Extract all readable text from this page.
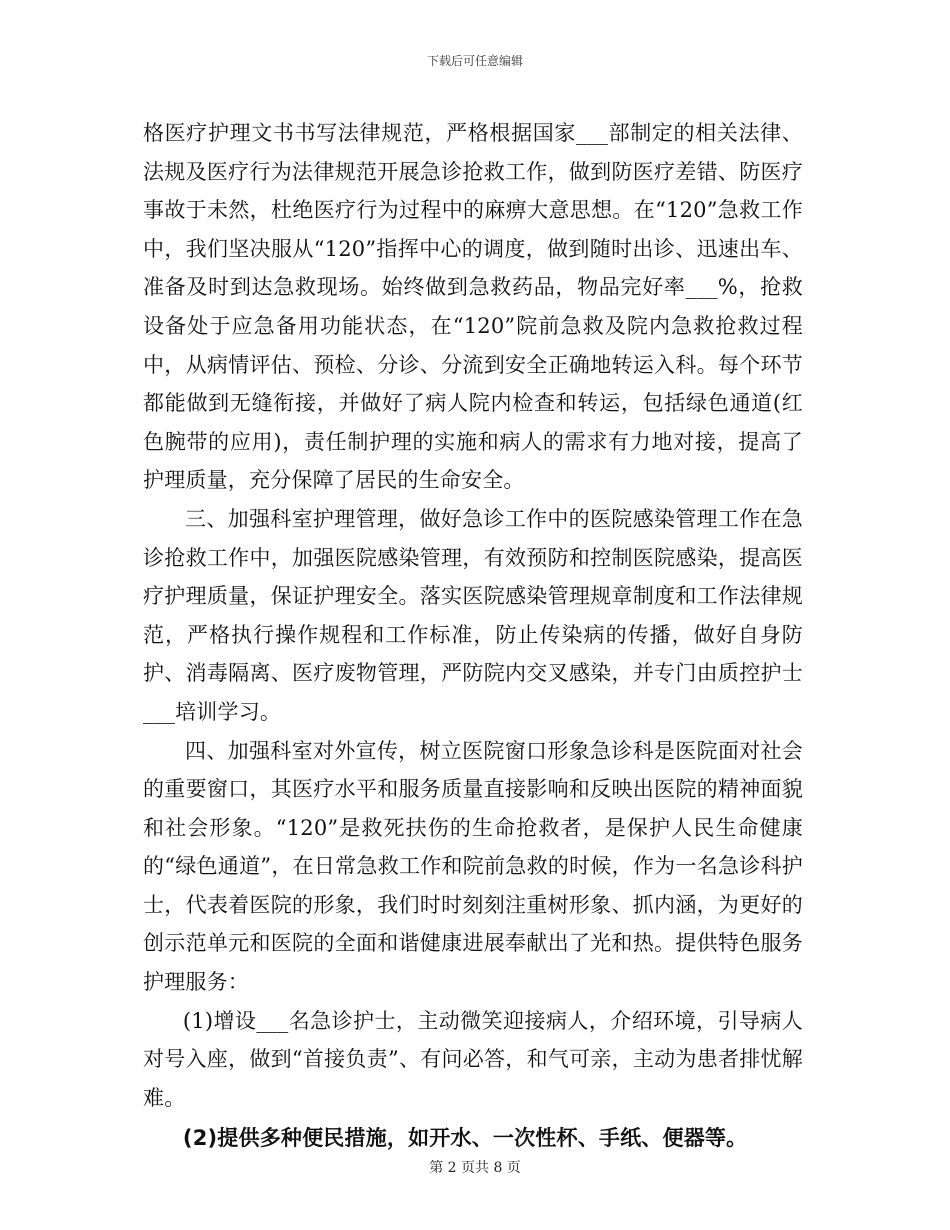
下载后可任意编辑

格医疗护理文书书写法律规范，严格根据国家___部制定的相关法律、法规及医疗行为法律规范开展急诊抢救工作，做到防医疗差错、防医疗事故于未然，杜绝医疗行为过程中的麻痹大意思想。在“120”急救工作中，我们坚决服从“120”指挥中心的调度，做到随时出诊、迅速出车、准备及时到达急救现场。始终做到急救药品，物品完好率___%，抢救设备处于应急备用功能状态，在“120”院前急救及院内急救抢救过程中，从病情评估、预检、分诊、分流到安全正确地转运入科。每个环节都能做到无缝衔接，并做好了病人院内检查和转运，包括绿色通道(红色腕带的应用)，责任制护理的实施和病人的需求有力地对接，提高了护理质量，充分保障了居民的生命安全。

三、加强科室护理管理，做好急诊工作中的医院感染管理工作在急诊抢救工作中，加强医院感染管理，有效预防和控制医院感染，提高医疗护理质量，保证护理安全。落实医院感染管理规章制度和工作法律规范，严格执行操作规程和工作标准，防止传染病的传播，做好自身防护、消毒隔离、医疗废物管理，严防院内交叉感染，并专门由质控护士___培训学习。

四、加强科室对外宣传，树立医院窗口形象急诊科是医院面对社会的重要窗口，其医疗水平和服务质量直接影响和反映出医院的精神面貌和社会形象。“120”是救死扶伤的生命抢救者，是保护人民生命健康的“绿色通道”，在日常急救工作和院前急救的时候，作为一名急诊科护士，代表着医院的形象，我们时时刻刻注重树形象、抓内涵，为更好的创示范单元和医院的全面和谐健康进展奉献出了光和热。提供特色服务护理服务：

(1)增设___名急诊护士，主动微笑迎接病人，介绍环境，引导病人对号入座，做到“首接负责”、有问必答，和气可亲，主动为患者排忧解难。

(2)提供多种便民措施，如开水、一次性杯、手纸、便器等。

第 2 页共 8 页
